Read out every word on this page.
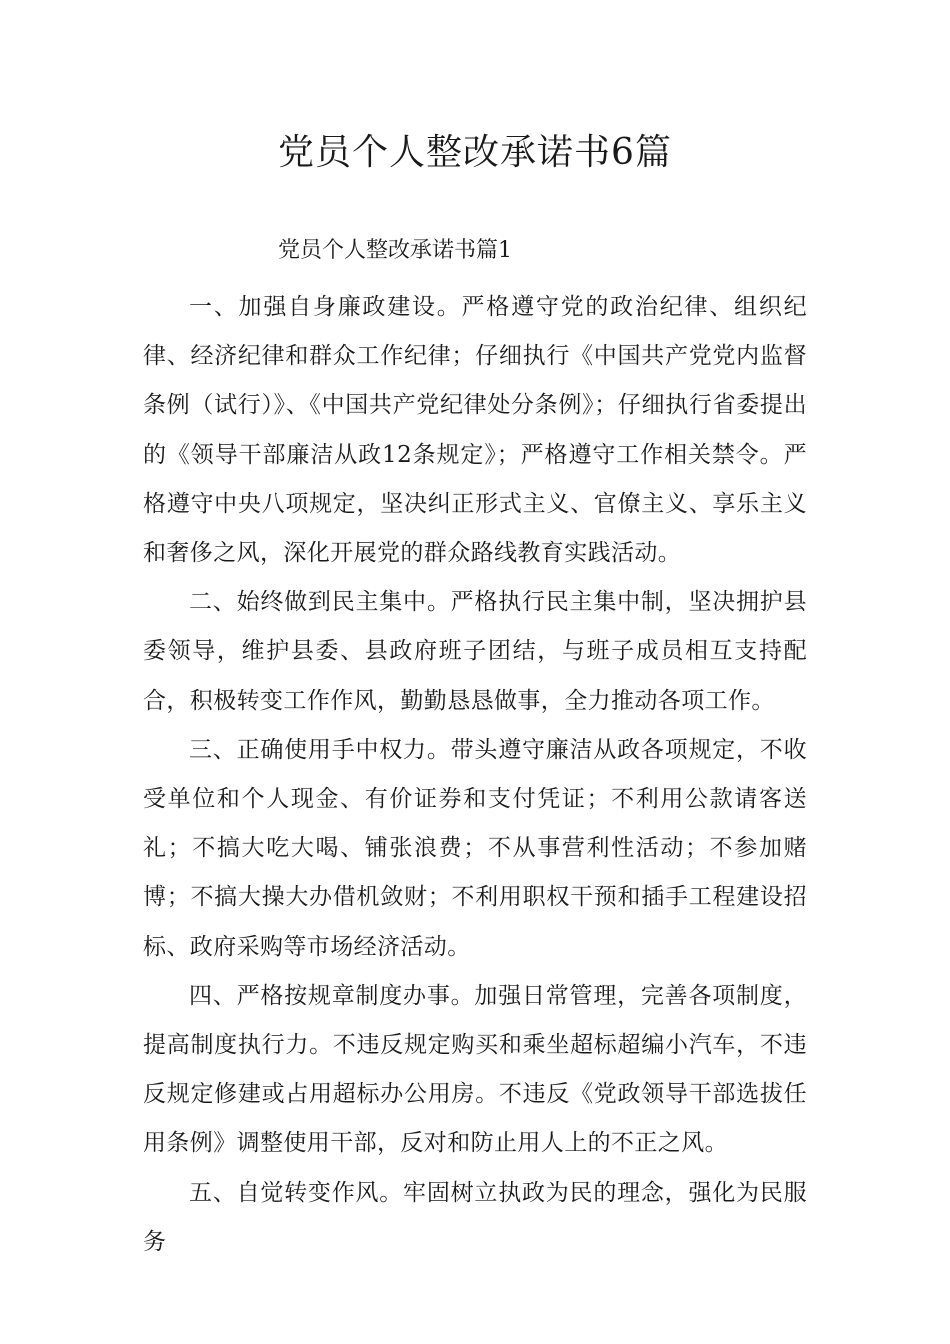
党员个人整改承诺书6篇
党员个人整改承诺书篇1

一、加强自身廉政建设。严格遵守党的政治纪律、组织纪律、经济纪律和群众工作纪律；仔细执行《中国共产党党内监督条例（试行）》、《中国共产党纪律处分条例》；仔细执行省委提出的《领导干部廉洁从政12条规定》；严格遵守工作相关禁令。严格遵守中央八项规定，坚决纠正形式主义、官僚主义、享乐主义和奢侈之风，深化开展党的群众路线教育实践活动。

二、始终做到民主集中。严格执行民主集中制，坚决拥护县委领导，维护县委、县政府班子团结，与班子成员相互支持配合，积极转变工作作风，勤勤恳恳做事，全力推动各项工作。

三、正确使用手中权力。带头遵守廉洁从政各项规定，不收受单位和个人现金、有价证券和支付凭证；不利用公款请客送礼；不搞大吃大喝、铺张浪费；不从事营利性活动；不参加赌博；不搞大操大办借机敛财；不利用职权干预和插手工程建设招标、政府采购等市场经济活动。

四、严格按规章制度办事。加强日常管理，完善各项制度，提高制度执行力。不违反规定购买和乘坐超标超编小汽车，不违反规定修建或占用超标办公用房。不违反《党政领导干部选拔任用条例》调整使用干部，反对和防止用人上的不正之风。

五、自觉转变作风。牢固树立执政为民的理念，强化为民服务
